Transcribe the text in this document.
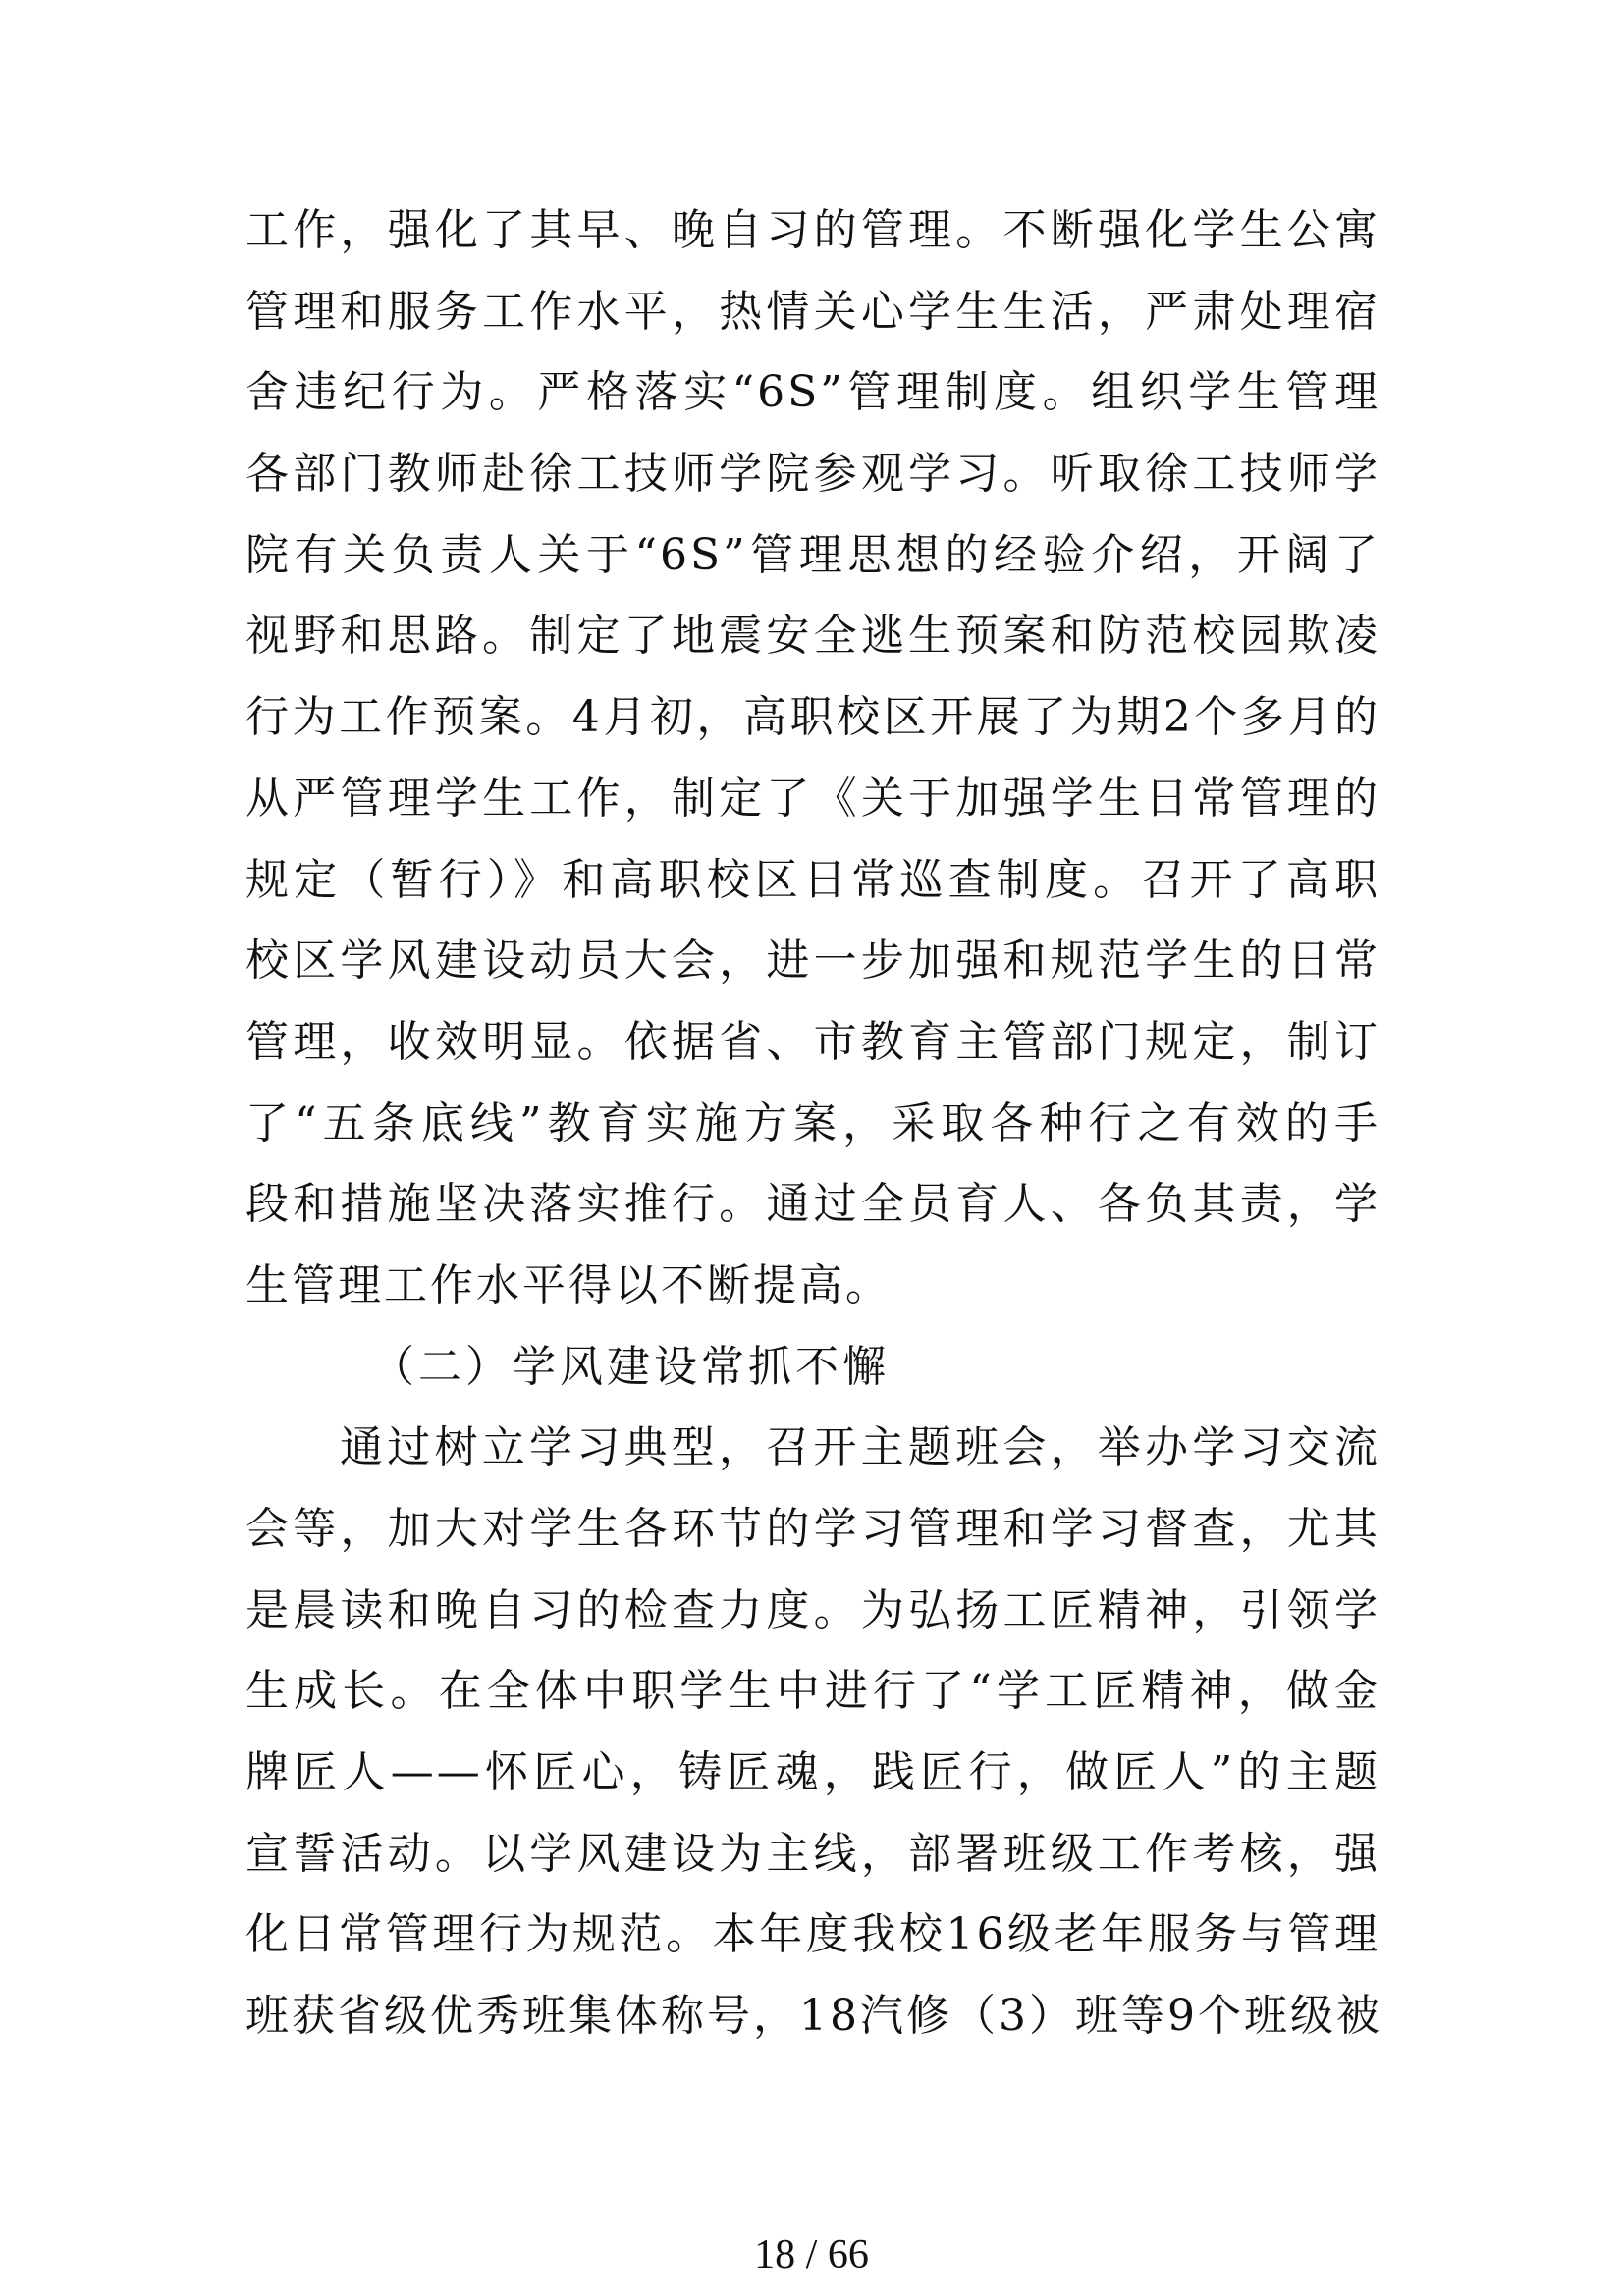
工作，强化了其早、晚自习的管理。不断强化学生公寓
管理和服务工作水平，热情关心学生生活，严肃处理宿
舍违纪行为。严格落实“6S”管理制度。组织学生管理
各部门教师赴徐工技师学院参观学习。听取徐工技师学
院有关负责人关于“6S”管理思想的经验介绍，开阔了
视野和思路。制定了地震安全逃生预案和防范校园欺凌
行为工作预案。4月初，高职校区开展了为期2个多月的
从严管理学生工作，制定了《关于加强学生日常管理的
规定（暂行）》和高职校区日常巡查制度。召开了高职
校区学风建设动员大会，进一步加强和规范学生的日常
管理，收效明显。依据省、市教育主管部门规定，制订
了“五条底线”教育实施方案，采取各种行之有效的手
段和措施坚决落实推行。通过全员育人、各负其责，学
生管理工作水平得以不断提高。
（二）学风建设常抓不懈
通过树立学习典型，召开主题班会，举办学习交流
会等，加大对学生各环节的学习管理和学习督查，尤其
是晨读和晚自习的检查力度。为弘扬工匠精神，引领学
生成长。在全体中职学生中进行了“学工匠精神，做金
牌匠人——怀匠心，铸匠魂，践匠行，做匠人”的主题
宣誓活动。以学风建设为主线，部署班级工作考核，强
化日常管理行为规范。本年度我校16级老年服务与管理
班获省级优秀班集体称号，18汽修（3）班等9个班级被
18 / 66
